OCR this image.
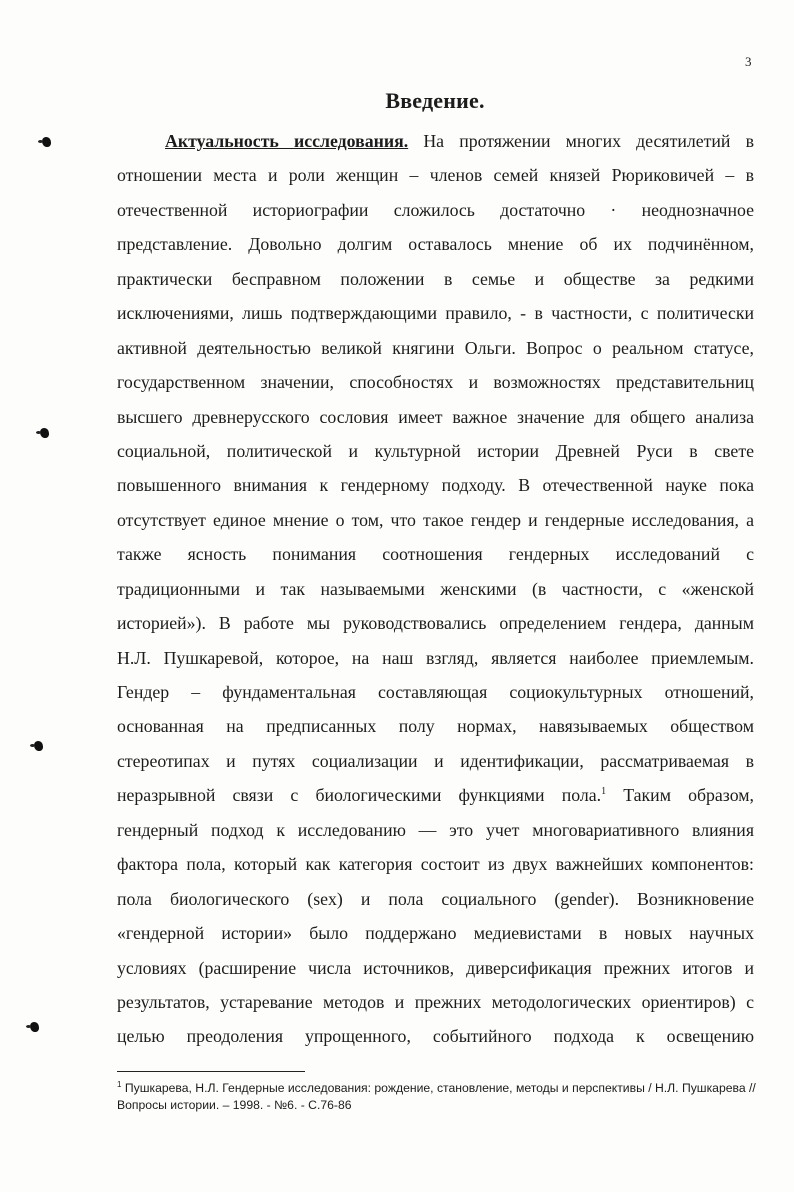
3
Введение.
Актуальность исследования. На протяжении многих десятилетий в
отношении места и роли женщин – членов семей князей Рюриковичей – в
отечественной историографии сложилось достаточно · неоднозначное
представление. Довольно долгим оставалось мнение об их подчинённом,
практически бесправном положении в семье и обществе за редкими
исключениями, лишь подтверждающими правило, - в частности, с политически
активной деятельностью великой княгини Ольги. Вопрос о реальном статусе,
государственном значении, способностях и возможностях представительниц
высшего древнерусского сословия имеет важное значение для общего анализа
социальной, политической и культурной истории Древней Руси в свете
повышенного внимания к гендерному подходу. В отечественной науке пока
отсутствует единое мнение о том, что такое гендер и гендерные исследования, а
также ясность понимания соотношения гендерных исследований с
традиционными и так называемыми женскими (в частности, с «женской
историей»). В работе мы руководствовались определением гендера, данным
Н.Л. Пушкаревой, которое, на наш взгляд, является наиболее приемлемым.
Гендер – фундаментальная составляющая социокультурных отношений,
основанная на предписанных полу нормах, навязываемых обществом
стереотипах и путях социализации и идентификации, рассматриваемая в
неразрывной связи с биологическими функциями пола.$^1$ Таким образом,
гендерный подход к исследованию — это учет многовариативного влияния
фактора пола, который как категория состоит из двух важнейших компонентов:
пола биологического (sex) и пола социального (gender). Возникновение
«гендерной истории» было поддержано медиевистами в новых научных
условиях (расширение числа источников, диверсификация прежних итогов и
результатов, устаревание методов и прежних методологических ориентиров) с
целью преодоления упрощенного, событийного подхода к освещению
$^1$ Пушкарева, Н.Л. Гендерные исследования: рождение, становление, методы и перспективы / Н.Л. Пушкарева // Вопросы истории. – 1998. - №6. - С.76-86
